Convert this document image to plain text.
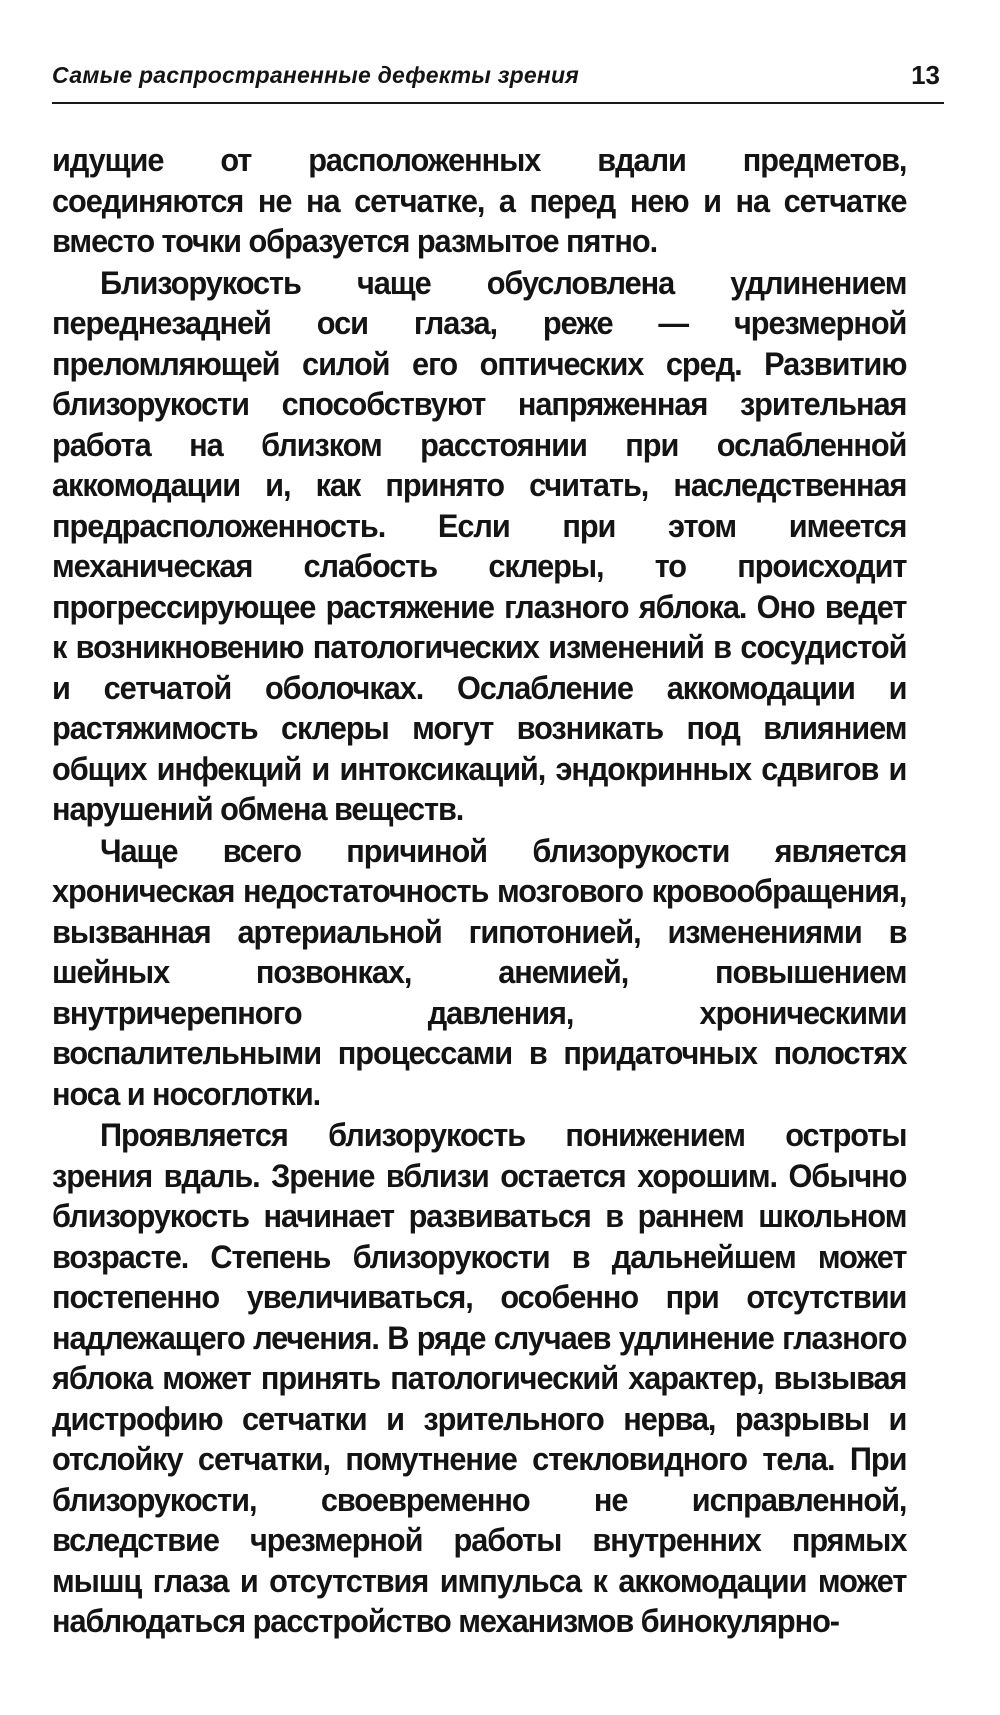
Самые распространенные дефекты зрения	13

идущие от расположенных вдали предметов, соединяются не на сетчатке, а перед нею и на сетчатке вместо точки образуется размытое пятно.

Близорукость чаще обусловлена удлинением переднезадней оси глаза, реже — чрезмерной преломляющей силой его оптических сред. Развитию близорукости способствуют напряженная зрительная работа на близком расстоянии при ослабленной аккомодации и, как принято считать, наследственная предрасположенность. Если при этом имеется механическая слабость склеры, то происходит прогрессирующее растяжение глазного яблока. Оно ведет к возникновению патологических изменений в сосудистой и сетчатой оболочках. Ослабление аккомодации и растяжимость склеры могут возникать под влиянием общих инфекций и интоксикаций, эндокринных сдвигов и нарушений обмена веществ.

Чаще всего причиной близорукости является хроническая недостаточность мозгового кровообращения, вызванная артериальной гипотонией, изменениями в шейных позвонках, анемией, повышением внутричерепного давления, хроническими воспалительными процессами в придаточных полостях носа и носоглотки.

Проявляется близорукость понижением остроты зрения вдаль. Зрение вблизи остается хорошим. Обычно близорукость начинает развиваться в раннем школьном возрасте. Степень близорукости в дальнейшем может постепенно увеличиваться, особенно при отсутствии надлежащего лечения. В ряде случаев удлинение глазного яблока может принять патологический характер, вызывая дистрофию сетчатки и зрительного нерва, разрывы и отслойку сетчатки, помутнение стекловидного тела. При близорукости, своевременно не исправленной, вследствие чрезмерной работы внутренних прямых мышц глаза и отсутствия импульса к аккомодации может наблюдаться расстройство механизмов бинокулярно-
